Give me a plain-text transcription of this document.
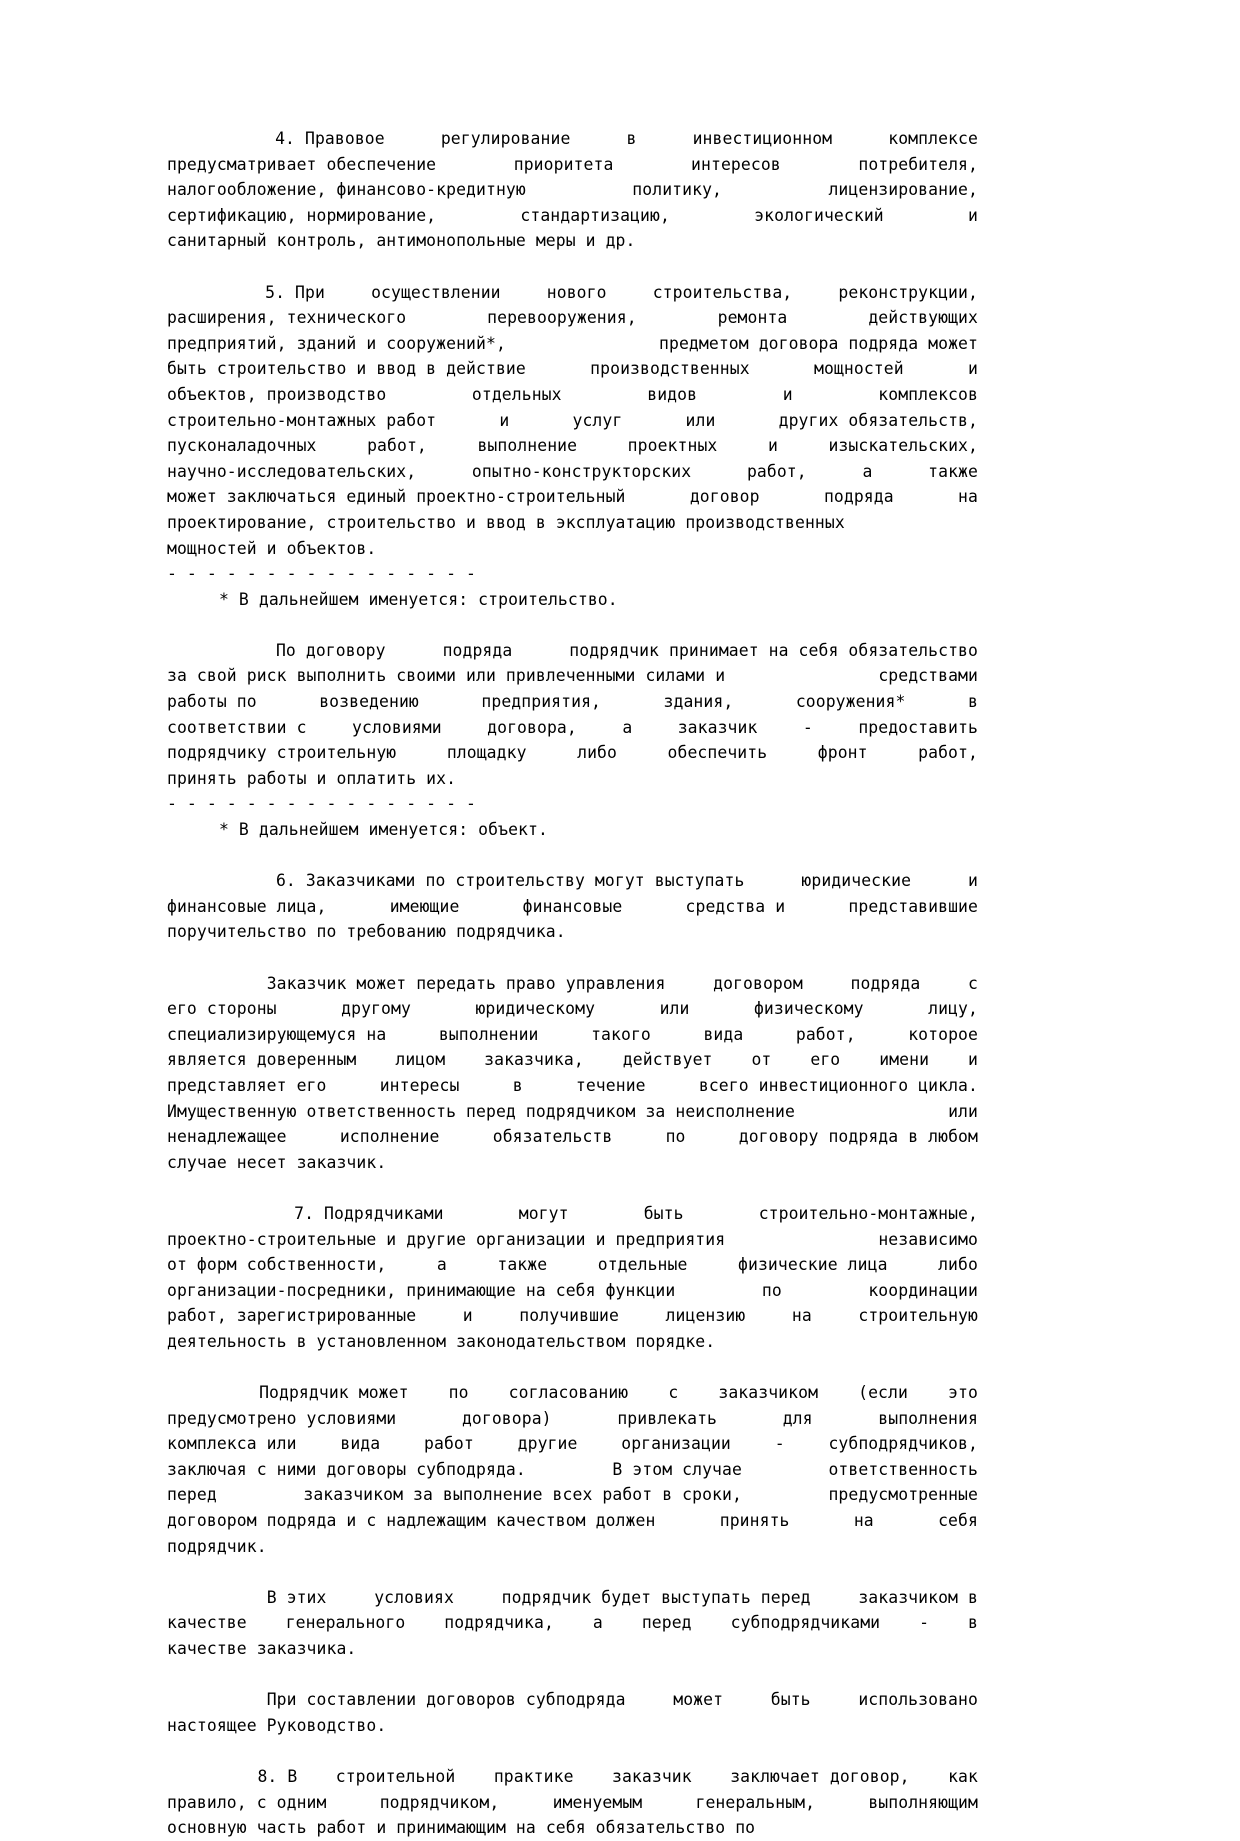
4. Правовое	регулирование	в	инвестиционном	комплексе
предусматривает обеспечение	приоритета	интересов	потребителя,
налогообложение, финансово-кредитную	политику,	лицензирование,
сертификацию, нормирование,	стандартизацию,	экологический	и
санитарный контроль, антимонопольные меры и др.
5. При	осуществлении	нового	строительства,	реконструкции,
расширения, технического	перевооружения,	ремонта	действующих
предприятий, зданий и сооружений*,	предметом договора подряда может
быть строительство и ввод в действие	производственных	мощностей	и
объектов, производство	отдельных	видов	и	комплексов
строительно-монтажных работ	и	услуг	или	других обязательств,
пусконаладочных	работ,	выполнение	проектных	и	изыскательских,
научно-исследовательских,	опытно-конструкторских	работ,	а	также
может заключаться единый проектно-строительный	договор	подряда	на
проектирование, строительство и ввод в эксплуатацию производственных
мощностей и объектов.
- - - - - - - - - - - - - - - -
* В дальнейшем именуется: строительство.
По договору	подряда	подрядчик принимает на себя обязательство
за свой риск выполнить своими или привлеченными силами и	средствами
работы по	возведению	предприятия,	здания,	сооружения*	в
соответствии с	условиями	договора,	а	заказчик	-	предоставить
подрядчику строительную	площадку	либо	обеспечить	фронт	работ,
принять работы и оплатить их.
- - - - - - - - - - - - - - - -
* В дальнейшем именуется: объект.
6. Заказчиками по строительству могут выступать	юридические	и
финансовые лица,	имеющие	финансовые	средства и	представившие
поручительство по требованию подрядчика.
Заказчик может передать право управления	договором	подряда	с
его стороны	другому	юридическому	или	физическому	лицу,
специализирующемуся на	выполнении	такого	вида	работ,	которое
является доверенным лицом заказчика, действует от его имени и
представляет его	интересы	в	течение	всего инвестиционного цикла.
Имущественную ответственность перед подрядчиком за неисполнение	или
ненадлежащее	исполнение	обязательств	по	договору подряда в любом
случае несет заказчик.
7. Подрядчиками	могут	быть	строительно-монтажные,
проектно-строительные и другие организации и предприятия	независимо
от форм собственности,	а	также	отдельные	физические лица	либо
организации-посредники, принимающие на себя функции	по	координации
работ, зарегистрированные	и	получившие	лицензию	на	строительную
деятельность в установленном законодательством порядке.
Подрядчик может по согласованию с заказчиком (если это
предусмотрено условиями	договора)	привлекать	для	выполнения
комплекса или	вида	работ	другие	организации	-	субподрядчиков,
заключая с ними договоры субподряда.	В этом случае	ответственность
перед	заказчиком за выполнение всех работ в сроки,	предусмотренные
договором подряда и с надлежащим качеством должен	принять	на	себя
подрядчик.
В этих	условиях	подрядчик будет выступать перед	заказчиком в
качестве генерального подрядчика, а перед субподрядчиками - в
качестве заказчика.
При составлении договоров субподряда	может	быть	использовано
настоящее Руководство.
8. В строительной практике заказчик заключает договор, как
правило, с одним	подрядчиком,	именуемым	генеральным,	выполняющим
основную часть
работ
и
принимающим
на
себя
обязательство
по
